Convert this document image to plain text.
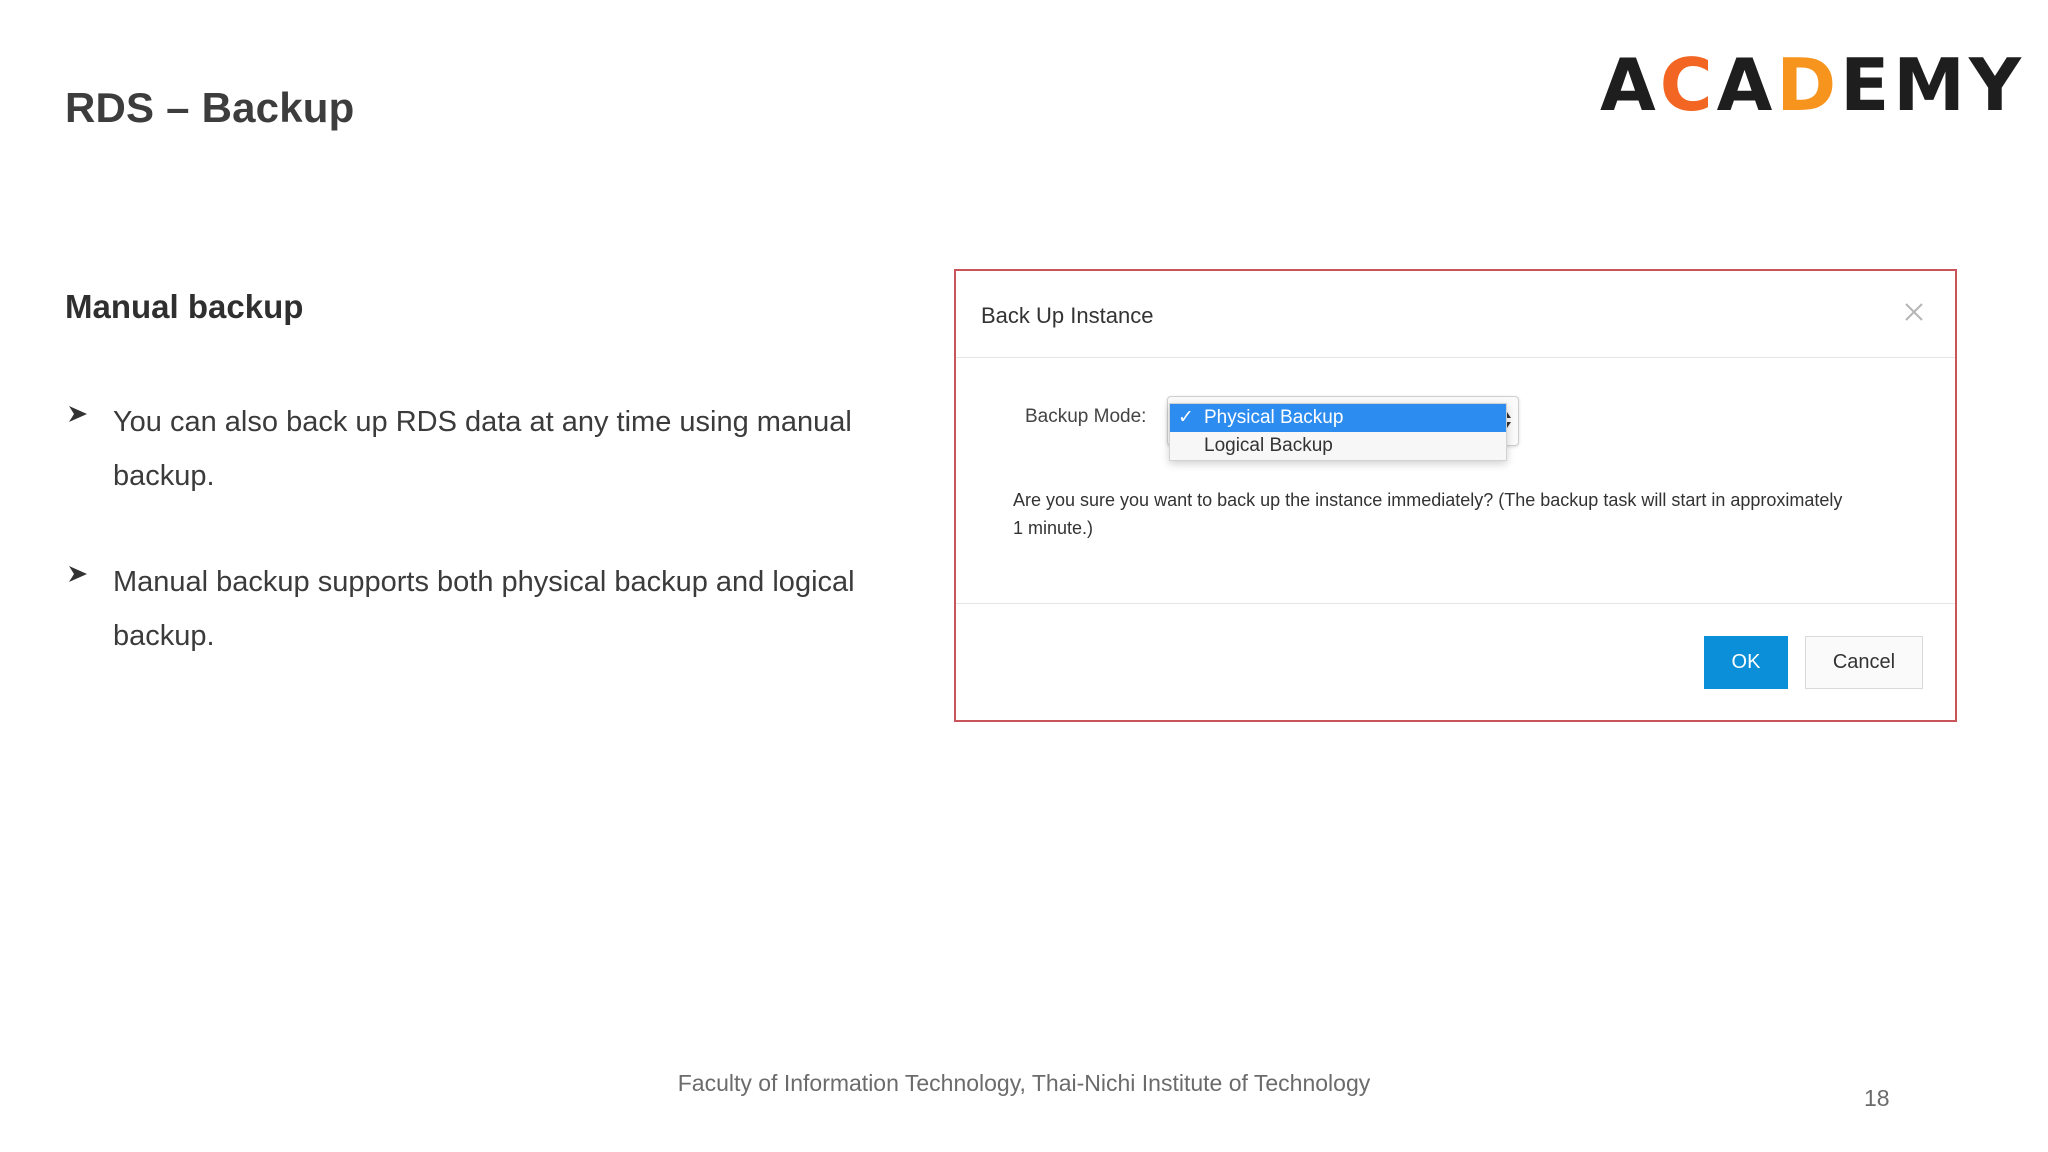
RDS – Backup	ACADEMY
Manual backup
You can also back up RDS data at any time using manual backup.
Manual backup supports both physical backup and logical backup.
Back Up Instance
Backup Mode: ✓ Physical Backup
Logical Backup
Are you sure you want to back up the instance immediately? (The backup task will start in approximately 1 minute.)
OK	Cancel
Faculty of Information Technology, Thai-Nichi Institute of Technology
18
